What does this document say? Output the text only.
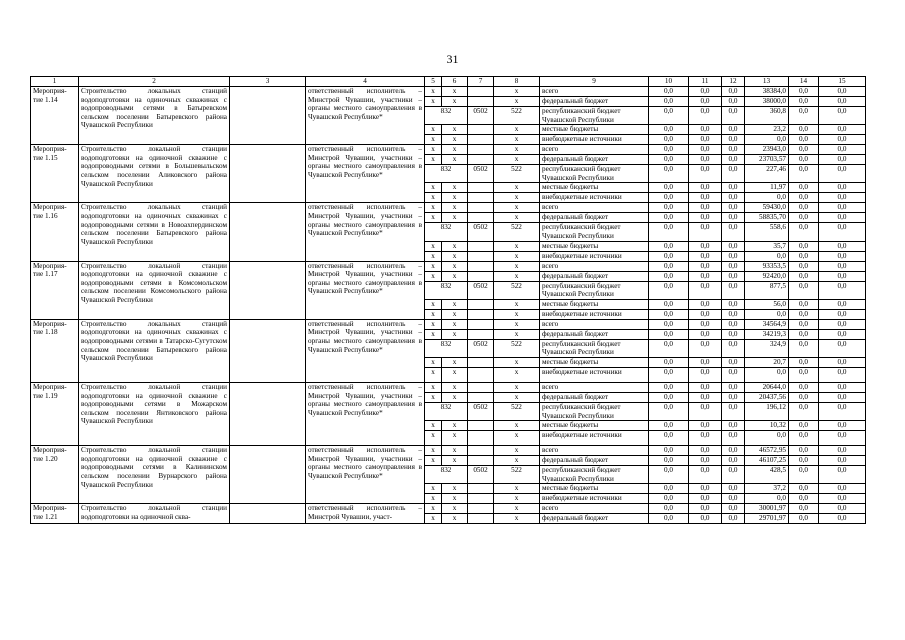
31
1	2	3	4	5	6	7	8	9	10	11	12	13	14	15
Мероприя-тие 1.14	Строительство локальных станций водоподготовки на одиночных скважинах с водопроводными сетями в Батыревском сельском поселении Батыревского района Чувашской Республики		ответственный исполнитель – Минстрой Чувашии, участники – органы местного самоуправления в Чувашской Республике*	x	x		x	всего	0,0	0,0	0,0	38384,0	0,0	0,0
				x	x		x	федеральный бюджет	0,0	0,0	0,0	38000,0	0,0	0,0
				832		0502	522	республиканский бюджет Чувашской Республики	0,0	0,0	0,0	360,8	0,0	0,0
				x	x		x	местные бюджеты	0,0	0,0	0,0	23,2	0,0	0,0
				x	x		x	внебюджетные источники	0,0	0,0	0,0	0,0	0,0	0,0
Мероприя-тие 1.15	Строительство локальной станции водоподготовки на одиночной скважине с водопроводными сетями в Большевыльском сельском поселении Аликовского района Чувашской Республики		ответственный исполнитель – Минстрой Чувашии, участники – органы местного самоуправления в Чувашской Республике*	x	x		x	всего	0,0	0,0	0,0	23943,0	0,0	0,0
				x	x		x	федеральный бюджет	0,0	0,0	0,0	23703,57	0,0	0,0
				832		0502	522	республиканский бюджет Чувашской Республики	0,0	0,0	0,0	227,46	0,0	0,0
				x	x		x	местные бюджеты	0,0	0,0	0,0	11,97	0,0	0,0
				x	x		x	внебюджетные источники	0,0	0,0	0,0	0,0	0,0	0,0
Мероприя-тие 1.16	Строительство локальных станций водоподготовки на одиночных скважинах с водопроводными сетями в Новоахпердинском сельском поселении Батыревского района Чувашской Республики		ответственный исполнитель – Минстрой Чувашии, участники – органы местного самоуправления в Чувашской Республике*	x	x		x	всего	0,0	0,0	0,0	59430,0	0,0	0,0
				x	x		x	федеральный бюджет	0,0	0,0	0,0	58835,70	0,0	0,0
				832		0502	522	республиканский бюджет Чувашской Республики	0,0	0,0	0,0	558,6	0,0	0,0
				x	x		x	местные бюджеты	0,0	0,0	0,0	35,7	0,0	0,0
				x	x		x	внебюджетные источники	0,0	0,0	0,0	0,0	0,0	0,0
Мероприя-тие 1.17	Строительство локальной станции водоподготовки на одиночной скважине с водопроводными сетями в Комсомольском сельском поселении Комсомольского района Чувашской Республики		ответственный исполнитель – Минстрой Чувашии, участники – органы местного самоуправления в Чувашской Республике*	x	x		x	всего	0,0	0,0	0,0	93353,5	0,0	0,0
				x	x		x	федеральный бюджет	0,0	0,0	0,0	92420,0	0,0	0,0
				832		0502	522	республиканский бюджет Чувашской Республики	0,0	0,0	0,0	877,5	0,0	0,0
				x	x		x	местные бюджеты	0,0	0,0	0,0	56,0	0,0	0,0
				x	x		x	внебюджетные источники	0,0	0,0	0,0	0,0	0,0	0,0
Мероприя-тие 1.18	Строительство локальных станций водоподготовки на одиночных скважинах с водопроводными сетями в Татарско-Сугутском сельском поселении Батыревского района Чувашской Республики		ответственный исполнитель – Минстрой Чувашии, участники – органы местного самоуправления в Чувашской Республике*	x	x		x	всего	0,0	0,0	0,0	34564,9	0,0	0,0
				x	x		x	федеральный бюджет	0,0	0,0	0,0	34219,3	0,0	0,0
				832		0502	522	республиканский бюджет Чувашской Республики	0,0	0,0	0,0	324,9	0,0	0,0
				x	x		x	местные бюджеты	0,0	0,0	0,0	20,7	0,0	0,0
				x	x		x	внебюджетные источники	0,0	0,0	0,0	0,0	0,0	0,0
Мероприя-тие 1.19	Строительство локальной станции водоподготовки на одиночной скважине с водопроводными сетями в Можарском сельском поселении Янтиковского района Чувашской Республики		ответственный исполнитель – Минстрой Чувашии, участники – органы местного самоуправления в Чувашской Республике*	x	x		x	всего	0,0	0,0	0,0	20644,0	0,0	0,0
				x	x		x	федеральный бюджет	0,0	0,0	0,0	20437,56	0,0	0,0
				832		0502	522	республиканский бюджет Чувашской Республики	0,0	0,0	0,0	196,12	0,0	0,0
				x	x		x	местные бюджеты	0,0	0,0	0,0	10,32	0,0	0,0
				x	x		x	внебюджетные источники	0,0	0,0	0,0	0,0	0,0	0,0
Мероприя-тие 1.20	Строительство локальной станции водоподготовки на одиночной скважине с водопроводными сетями в Калининском сельском поселении Вурнарского района Чувашской Республики		ответственный исполнитель – Минстрой Чувашии, участники – органы местного самоуправления в Чувашской Республике*	x	x		x	всего	0,0	0,0	0,0	46572,95	0,0	0,0
				x	x		x	федеральный бюджет	0,0	0,0	0,0	46107,25	0,0	0,0
				832		0502	522	республиканский бюджет Чувашской Республики	0,0	0,0	0,0	428,5	0,0	0,0
				x	x		x	местные бюджеты	0,0	0,0	0,0	37,2	0,0	0,0
				x	x		x	внебюджетные источники	0,0	0,0	0,0	0,0	0,0	0,0
Мероприя-тие 1.21	Строительство локальной станции водоподготовки на одиночной сква-		ответственный исполнитель – Минстрой Чувашии, участ-	x	x		x	всего	0,0	0,0	0,0	30001,97	0,0	0,0
				x	x		x	федеральный бюджет	0,0	0,0	0,0	29701,97	0,0	0,0
